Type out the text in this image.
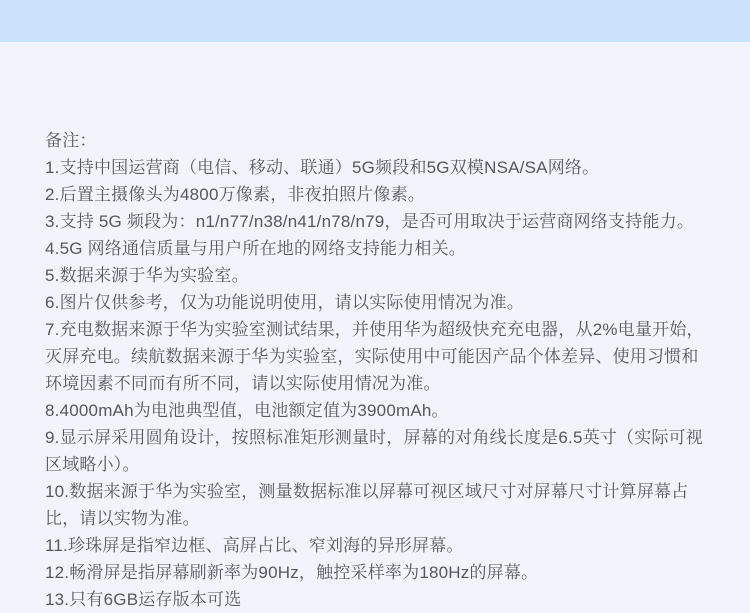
备注：

1.支持中国运营商（电信、移动、联通）5G频段和5G双模NSA/SA网络。

2.后置主摄像头为4800万像素，非夜拍照片像素。

3.支持 5G 频段为：n1/n77/n38/n41/n78/n79，是否可用取决于运营商网络支持能力。

4.5G 网络通信质量与用户所在地的网络支持能力相关。

5.数据来源于华为实验室。

6.图片仅供参考，仅为功能说明使用，请以实际使用情况为准。

7.充电数据来源于华为实验室测试结果，并使用华为超级快充充电器，从2%电量开始，灭屏充电。续航数据来源于华为实验室，实际使用中可能因产品个体差异、使用习惯和环境因素不同而有所不同，请以实际使用情况为准。

8.4000mAh为电池典型值，电池额定值为3900mAh。

9.显示屏采用圆角设计，按照标准矩形测量时，屏幕的对角线长度是6.5英寸（实际可视区域略小）。

10.数据来源于华为实验室，测量数据标准以屏幕可视区域尺寸对屏幕尺寸计算屏幕占比，请以实物为准。

11.珍珠屏是指窄边框、高屏占比、窄刘海的异形屏幕。

12.畅滑屏是指屏幕刷新率为90Hz，触控采样率为180Hz的屏幕。

13.只有6GB运存版本可选
